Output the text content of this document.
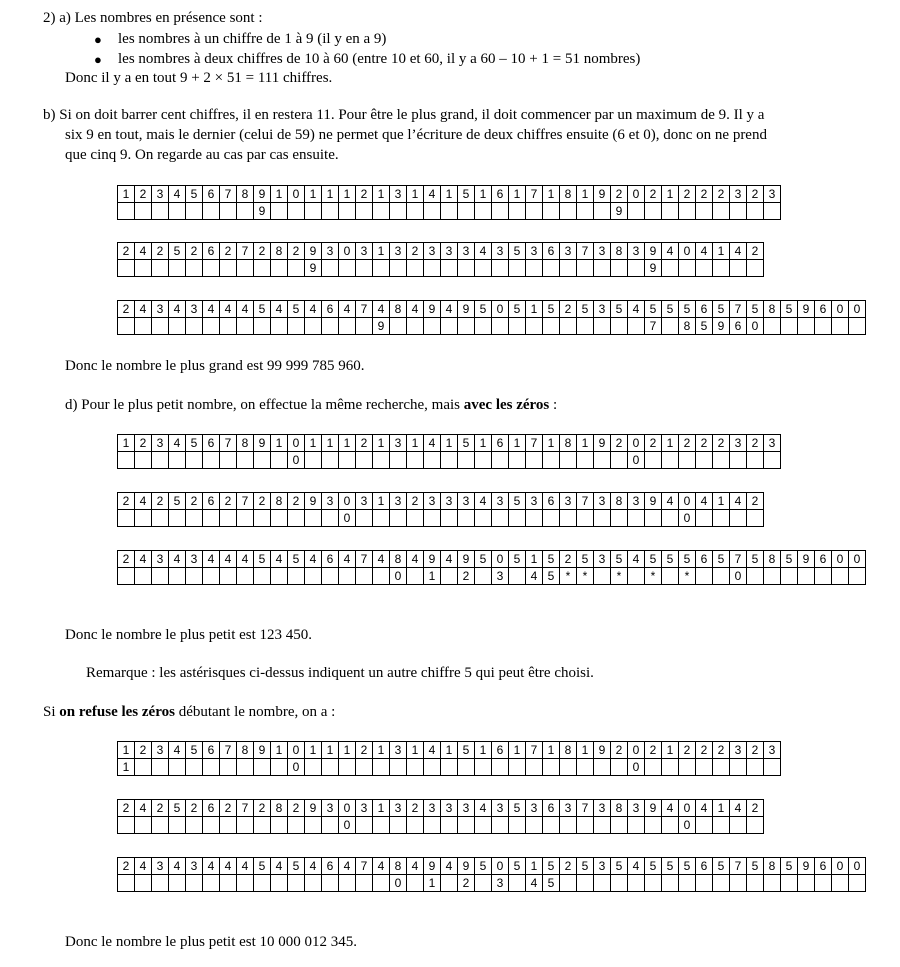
2) a) Les nombres en présence sont :
● les nombres à un chiffre de 1 à 9 (il y en a 9)
● les nombres à deux chiffres de 10 à 60 (entre 10 et 60, il y a 60 – 10 + 1 = 51 nombres)
Donc il y a en tout 9 + 2 × 51 = 111 chiffres.
b) Si on doit barrer cent chiffres, il en restera 11. Pour être le plus grand, il doit commencer par un maximum de 9. Il y a
six 9 en tout, mais le dernier (celui de 59) ne permet que l’écriture de deux chiffres ensuite (6 et 0), donc on ne prend
que cinq 9. On regarde au cas par cas ensuite.
1	2	3	4	5	6	7	8	9	1	0	1	1	1	2	1	3	1	4	1	5	1	6	1	7	1	8	1	9	2	0	2	1	2	2	2	3	2	3
								9																					9									
2	4	2	5	2	6	2	7	2	8	2	9	3	0	3	1	3	2	3	3	3	4	3	5	3	6	3	7	3	8	3	9	4	0	4	1	4	2
											9																				9						
2	4	3	4	3	4	4	4	5	4	5	4	6	4	7	4	8	4	9	4	9	5	0	5	1	5	2	5	3	5	4	5	5	5	6	5	7	5	8	5	9	6	0	0
															9																7		8	5	9	6	0						
Donc le nombre le plus grand est 99 999 785 960.
d) Pour le plus petit nombre, on effectue la même recherche, mais avec les zéros :
1	2	3	4	5	6	7	8	9	1	0	1	1	1	2	1	3	1	4	1	5	1	6	1	7	1	8	1	9	2	0	2	1	2	2	2	3	2	3
										0																				0								
2	4	2	5	2	6	2	7	2	8	2	9	3	0	3	1	3	2	3	3	3	4	3	5	3	6	3	7	3	8	3	9	4	0	4	1	4	2
													0																				0				
2	4	3	4	3	4	4	4	5	4	5	4	6	4	7	4	8	4	9	4	9	5	0	5	1	5	2	5	3	5	4	5	5	5	6	5	7	5	8	5	9	6	0	0
																0		1		2		3		4	5	*	*		*		*		*			0							
Donc le nombre le plus petit est 123 450.
Remarque : les astérisques ci-dessus indiquent un autre chiffre 5 qui peut être choisi.
Si on refuse les zéros débutant le nombre, on a :
1	2	3	4	5	6	7	8	9	1	0	1	1	1	2	1	3	1	4	1	5	1	6	1	7	1	8	1	9	2	0	2	1	2	2	2	3	2	3
1										0																				0								
2	4	2	5	2	6	2	7	2	8	2	9	3	0	3	1	3	2	3	3	3	4	3	5	3	6	3	7	3	8	3	9	4	0	4	1	4	2
													0																				0				
2	4	3	4	3	4	4	4	5	4	5	4	6	4	7	4	8	4	9	4	9	5	0	5	1	5	2	5	3	5	4	5	5	5	6	5	7	5	8	5	9	6	0	0
																0		1		2		3		4	5																		
Donc le nombre le plus petit est 10 000 012 345.
